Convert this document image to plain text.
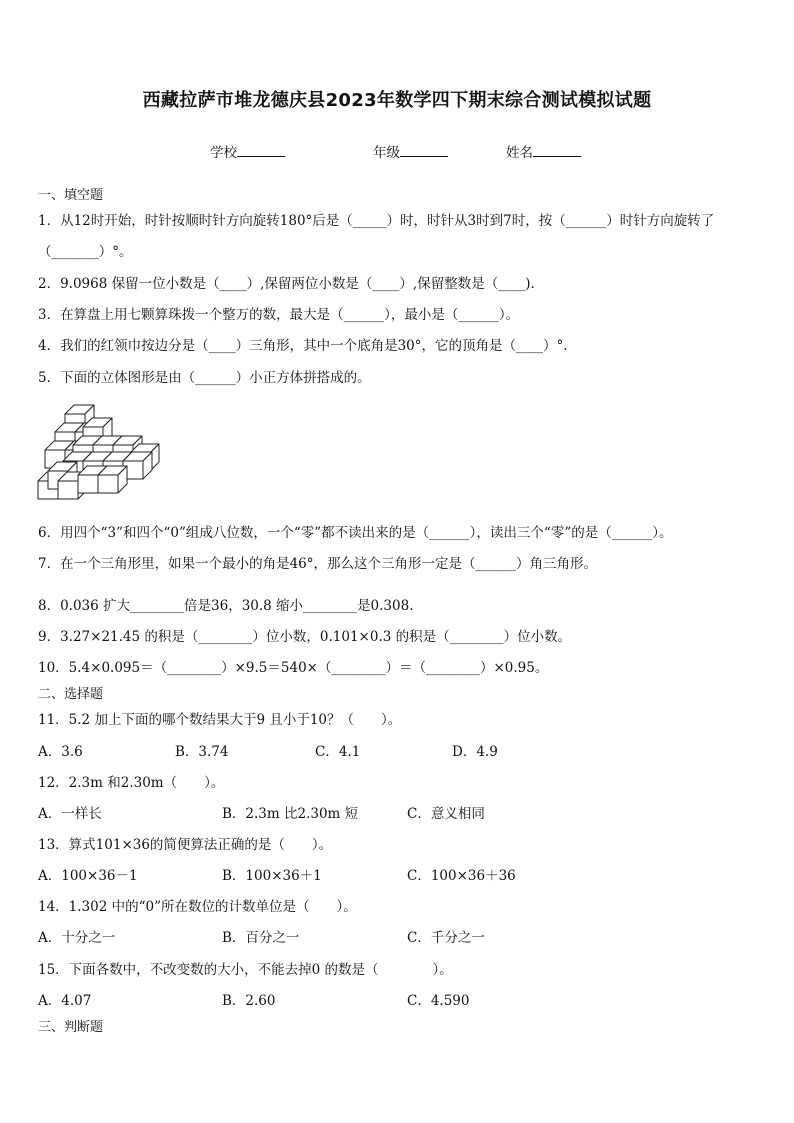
西藏拉萨市堆龙德庆县2023年数学四下期末综合测试模拟试题
学校	年级	姓名
一、填空题
1．从12时开始，时针按顺时针方向旋转180°后是（_____）时，时针从3时到7时，按（______）时针方向旋转了
（_______）°。
2．9.0968 保留一位小数是（____）,保留两位小数是（____）,保留整数是（____).
3．在算盘上用七颗算珠拨一个整万的数，最大是（______），最小是（______）。
4．我们的红领巾按边分是（____）三角形，其中一个底角是30°，它的顶角是（____）°.
5．下面的立体图形是由（______）小正方体拼搭成的。
6．用四个“3”和四个“0”组成八位数，一个“零”都不读出来的是（______），读出三个“零”的是（______）。
7．在一个三角形里，如果一个最小的角是46°，那么这个三角形一定是（______）角三角形。
8．0.036 扩大________倍是36，30.8 缩小________是0.308.
9．3.27×21.45 的积是（________）位小数，0.101×0.3 的积是（________）位小数。
10．5.4×0.095＝（________）×9.5＝540×（________）＝（________）×0.95。
二、选择题
11．5.2 加上下面的哪个数结果大于9 且小于10？（　　）。
A．3.6	B．3.74	C．4.1	D．4.9
12．2.3m 和2.30m（　　）。
A．一样长	B．2.3m 比2.30m 短	C．意义相同
13．算式101×36的简便算法正确的是（　　）。
A．100×36－1	B．100×36＋1	C．100×36＋36
14．1.302 中的“0”所在数位的计数单位是（　　）。
A．十分之一	B．百分之一	C．千分之一
15．下面各数中，不改变数的大小，不能去掉0 的数是（　　　　）。
A．4.07	B．2.60	C．4.590
三、判断题
